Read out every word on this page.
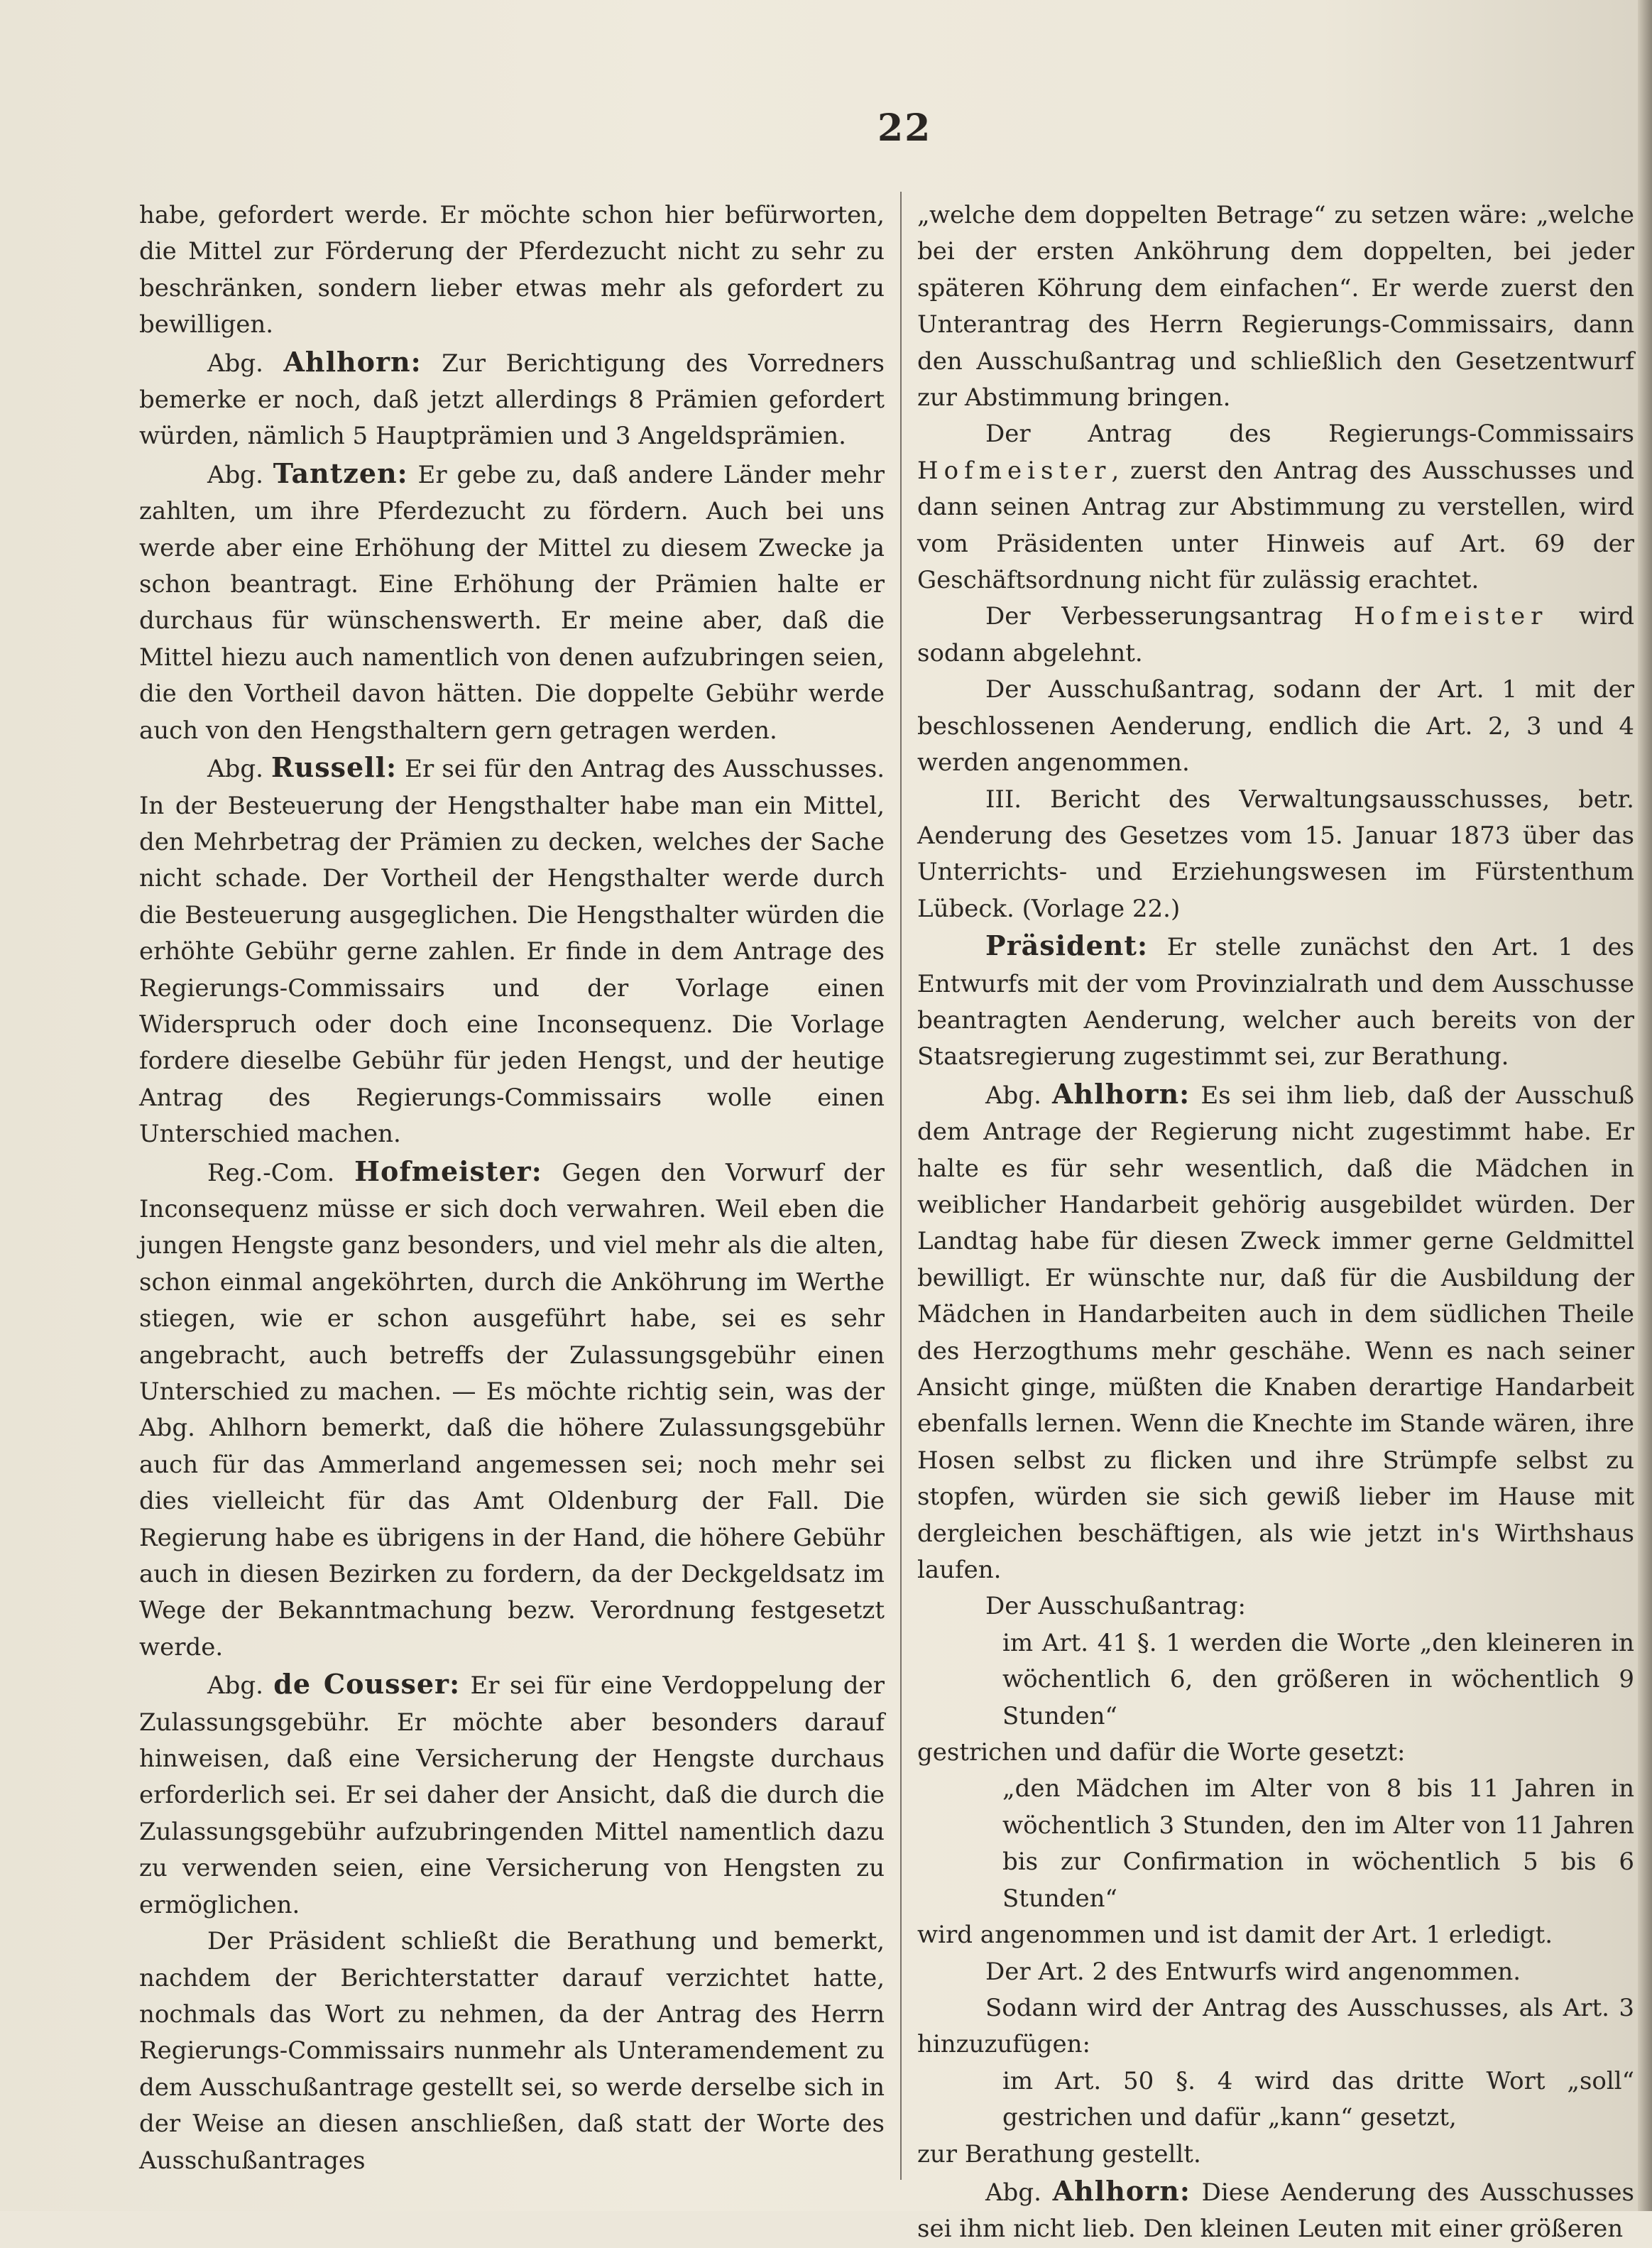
22

habe, gefordert werde. Er möchte schon hier befürworten, die Mittel zur Förderung der Pferdezucht nicht zu sehr zu beschränken, sondern lieber etwas mehr als gefordert zu bewilligen.

Abg. Ahlhorn: Zur Berichtigung des Vorredners bemerke er noch, daß jetzt allerdings 8 Prämien gefordert würden, nämlich 5 Hauptprämien und 3 Angeldsprämien.

Abg. Tantzen: Er gebe zu, daß andere Länder mehr zahlten, um ihre Pferdezucht zu fördern. Auch bei uns werde aber eine Erhöhung der Mittel zu diesem Zwecke ja schon beantragt. Eine Erhöhung der Prämien halte er durchaus für wünschenswerth. Er meine aber, daß die Mittel hiezu auch namentlich von denen aufzubringen seien, die den Vortheil davon hätten. Die doppelte Gebühr werde auch von den Hengsthaltern gern getragen werden.

Abg. Russell: Er sei für den Antrag des Ausschusses. In der Besteuerung der Hengsthalter habe man ein Mittel, den Mehrbetrag der Prämien zu decken, welches der Sache nicht schade. Der Vortheil der Hengsthalter werde durch die Besteuerung ausgeglichen. Die Hengsthalter würden die erhöhte Gebühr gerne zahlen. Er finde in dem Antrage des Regierungs-Commissairs und der Vorlage einen Widerspruch oder doch eine Inconsequenz. Die Vorlage fordere dieselbe Gebühr für jeden Hengst, und der heutige Antrag des Regierungs-Commissairs wolle einen Unterschied machen.

Reg.-Com. Hofmeister: Gegen den Vorwurf der Inconsequenz müsse er sich doch verwahren. Weil eben die jungen Hengste ganz besonders, und viel mehr als die alten, schon einmal angeköhrten, durch die Anköhrung im Werthe stiegen, wie er schon ausgeführt habe, sei es sehr angebracht, auch betreffs der Zulassungsgebühr einen Unterschied zu machen. — Es möchte richtig sein, was der Abg. Ahlhorn bemerkt, daß die höhere Zulassungsgebühr auch für das Ammerland angemessen sei; noch mehr sei dies vielleicht für das Amt Oldenburg der Fall. Die Regierung habe es übrigens in der Hand, die höhere Gebühr auch in diesen Bezirken zu fordern, da der Deckgeldsatz im Wege der Bekanntmachung bezw. Verordnung festgesetzt werde.

Abg. de Cousser: Er sei für eine Verdoppelung der Zulassungsgebühr. Er möchte aber besonders darauf hinweisen, daß eine Versicherung der Hengste durchaus erforderlich sei. Er sei daher der Ansicht, daß die durch die Zulassungsgebühr aufzubringenden Mittel namentlich dazu zu verwenden seien, eine Versicherung von Hengsten zu ermöglichen.

Der Präsident schließt die Berathung und bemerkt, nachdem der Berichterstatter darauf verzichtet hatte, nochmals das Wort zu nehmen, da der Antrag des Herrn Regierungs-Commissairs nunmehr als Unteramendement zu dem Ausschußantrage gestellt sei, so werde derselbe sich in der Weise an diesen anschließen, daß statt der Worte des Ausschußantrages

„welche dem doppelten Betrage“ zu setzen wäre: „welche bei der ersten Anköhrung dem doppelten, bei jeder späteren Köhrung dem einfachen“. Er werde zuerst den Unterantrag des Herrn Regierungs-Commissairs, dann den Ausschußantrag und schließlich den Gesetzentwurf zur Abstimmung bringen.

Der Antrag des Regierungs-Commissairs Hofmeister, zuerst den Antrag des Ausschusses und dann seinen Antrag zur Abstimmung zu verstellen, wird vom Präsidenten unter Hinweis auf Art. 69 der Geschäftsordnung nicht für zulässig erachtet.

Der Verbesserungsantrag Hofmeister wird sodann abgelehnt.

Der Ausschußantrag, sodann der Art. 1 mit der beschlossenen Aenderung, endlich die Art. 2, 3 und 4 werden angenommen.

III. Bericht des Verwaltungsausschusses, betr. Aenderung des Gesetzes vom 15. Januar 1873 über das Unterrichts- und Erziehungswesen im Fürstenthum Lübeck. (Vorlage 22.)

Präsident: Er stelle zunächst den Art. 1 des Entwurfs mit der vom Provinzialrath und dem Ausschusse beantragten Aenderung, welcher auch bereits von der Staatsregierung zugestimmt sei, zur Berathung.

Abg. Ahlhorn: Es sei ihm lieb, daß der Ausschuß dem Antrage der Regierung nicht zugestimmt habe. Er halte es für sehr wesentlich, daß die Mädchen in weiblicher Handarbeit gehörig ausgebildet würden. Der Landtag habe für diesen Zweck immer gerne Geldmittel bewilligt. Er wünschte nur, daß für die Ausbildung der Mädchen in Handarbeiten auch in dem südlichen Theile des Herzogthums mehr geschähe. Wenn es nach seiner Ansicht ginge, müßten die Knaben derartige Handarbeit ebenfalls lernen. Wenn die Knechte im Stande wären, ihre Hosen selbst zu flicken und ihre Strümpfe selbst zu stopfen, würden sie sich gewiß lieber im Hause mit dergleichen beschäftigen, als wie jetzt in's Wirthshaus laufen.

Der Ausschußantrag:

im Art. 41 §. 1 werden die Worte „den kleineren in wöchentlich 6, den größeren in wöchentlich 9 Stunden“

gestrichen und dafür die Worte gesetzt:

„den Mädchen im Alter von 8 bis 11 Jahren in wöchentlich 3 Stunden, den im Alter von 11 Jahren bis zur Confirmation in wöchentlich 5 bis 6 Stunden“

wird angenommen und ist damit der Art. 1 erledigt.

Der Art. 2 des Entwurfs wird angenommen.

Sodann wird der Antrag des Ausschusses, als Art. 3 hinzuzufügen:

im Art. 50 §. 4 wird das dritte Wort „soll“ gestrichen und dafür „kann“ gesetzt,

zur Berathung gestellt.

Abg. Ahlhorn: Diese Aenderung des Ausschusses sei ihm nicht lieb. Den kleinen Leuten mit einer größeren
